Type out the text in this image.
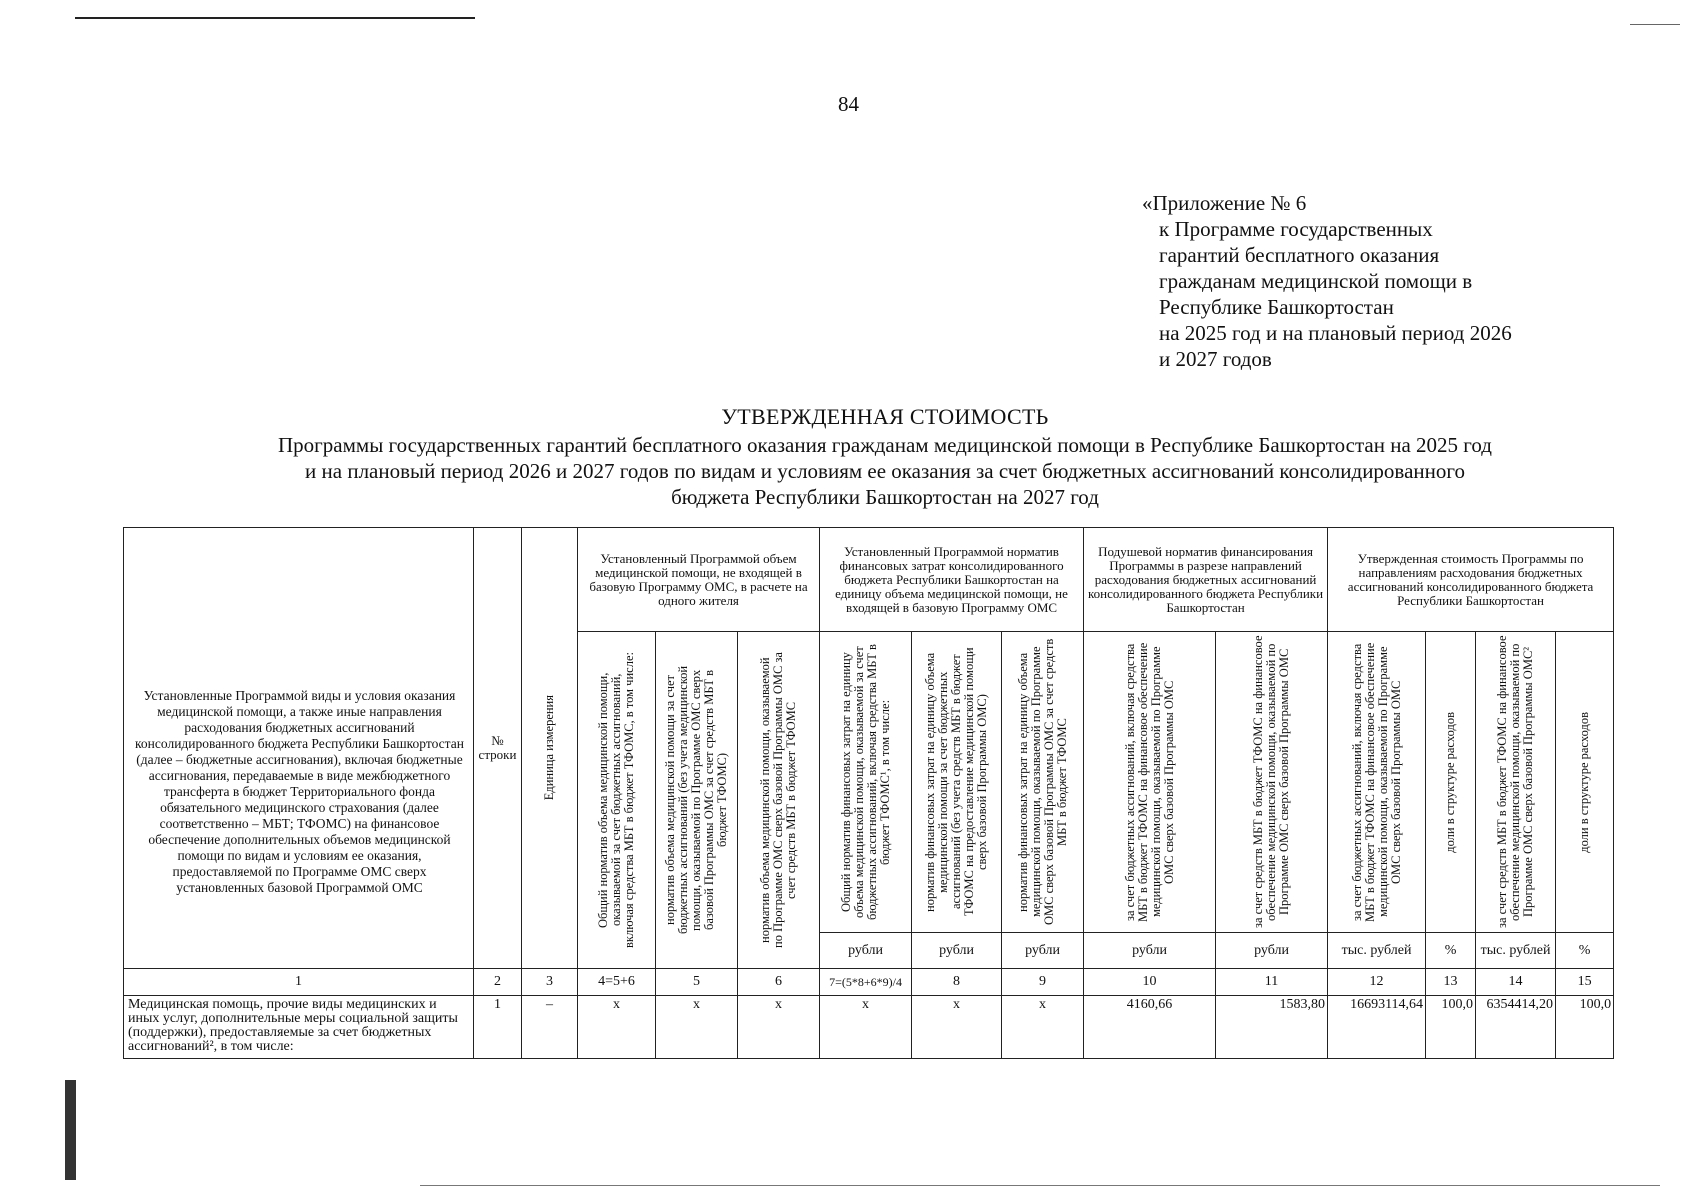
84
«Приложение № 6
к Программе государственных
гарантий бесплатного оказания
гражданам медицинской помощи в
Республике Башкортостан
на 2025 год и на плановый период 2026
и 2027 годов
УТВЕРЖДЕННАЯ СТОИМОСТЬ
Программы государственных гарантий бесплатного оказания гражданам медицинской помощи в Республике Башкортостан на 2025 год
и на плановый период 2026 и 2027 годов по видам и условиям ее оказания за счет бюджетных ассигнований консолидированного
бюджета Республики Башкортостан на 2027 год
Установленные Программой виды и условия оказания медицинской помощи, а также иные направления расходования бюджетных ассигнований консолидированного бюджета Республики Башкортостан (далее – бюджетные ассигнования), включая бюджетные ассигнования, передаваемые в виде межбюджетного трансферта в бюджет Территориального фонда обязательного медицинского страхования (далее соответственно – МБТ; ТФОМС) на финансовое обеспечение дополнительных объемов медицинской помощи по видам и условиям ее оказания, предоставляемой по Программе ОМС сверх установленных базовой Программой ОМС	№ строки	Единица измерения	Установленный Программой объем медицинской помощи, не входящей в базовую Программу ОМС, в расчете на одного жителя			Установленный Программой норматив финансовых затрат консолидированного бюджета Республики Башкортостан на единицу объема медицинской помощи, не входящей в базовую Программу ОМС			Подушевой норматив финансирования Программы в разрезе направлений расходования бюджетных ассигнований консолидированного бюджета Республики Башкортостан		Утвержденная стоимость Программы по направлениям расходования бюджетных ассигнований консолидированного бюджета Республики Башкортостан			

			Общий норматив объема медицинской помощи, оказываемой за счет бюджетных ассигнований, включая средства МБТ в бюджет ТФОМС, в том числе:	норматив объема медицинской помощи за счет бюджетных ассигнований (без учета медицинской помощи, оказываемой по Программе ОМС сверх базовой Программы ОМС за счет средств МБТ в бюджет ТФОМС)	норматив объема медицинской помощи, оказываемой по Программе ОМС сверх базовой Программы ОМС за счет средств МБТ в бюджет ТФОМС	Общий норматив финансовых затрат на единицу объема медицинской помощи, оказываемой за счет бюджетных ассигнований, включая средства МБТ в бюджет ТФОМС¹, в том числе:	норматив финансовых затрат на единицу объема медицинской помощи за счет бюджетных ассигнований (без учета средств МБТ в бюджет ТФОМС на предоставление медицинской помощи сверх базовой Программы ОМС)	норматив финансовых затрат на единицу объема медицинской помощи, оказываемой по Программе ОМС сверх базовой Программы ОМС за счет средств МБТ в бюджет ТФОМС	за счет бюджетных ассигнований, включая средства МБТ в бюджет ТФОМС на финансовое обеспечение медицинской помощи, оказываемой по Программе ОМС сверх базовой Программы ОМС	за счет средств МБТ в бюджет ТФОМС на финансовое обеспечение медицинской помощи, оказываемой по Программе ОМС сверх базовой Программы ОМС	за счет бюджетных ассигнований, включая средства МБТ в бюджет ТФОМС на финансовое обеспечение медицинской помощи, оказываемой по Программе ОМС сверх базовой Программы ОМС	доли в структуре расходов	за счет средств МБТ в бюджет ТФОМС на финансовое обеспечение медицинской помощи, оказываемой по Программе ОМС сверх базовой Программы ОМС²	доли в структуре расходов

						рубли	рубли	рубли	рубли	рубли	тыс. рублей	%	тыс. рублей	%
1	2	3	4=5+6	5	6	7=(5*8+6*9)/4	8	9	10	11	12	13	14	15
Медицинская помощь, прочие виды медицинских и иных услуг, дополнительные меры социальной защиты (поддержки), предоставляемые за счет бюджетных ассигнований², в том числе:	1	–	х	х	х	х	х	х	4160,66	1583,80	16693114,64	100,0	6354414,20	100,0
